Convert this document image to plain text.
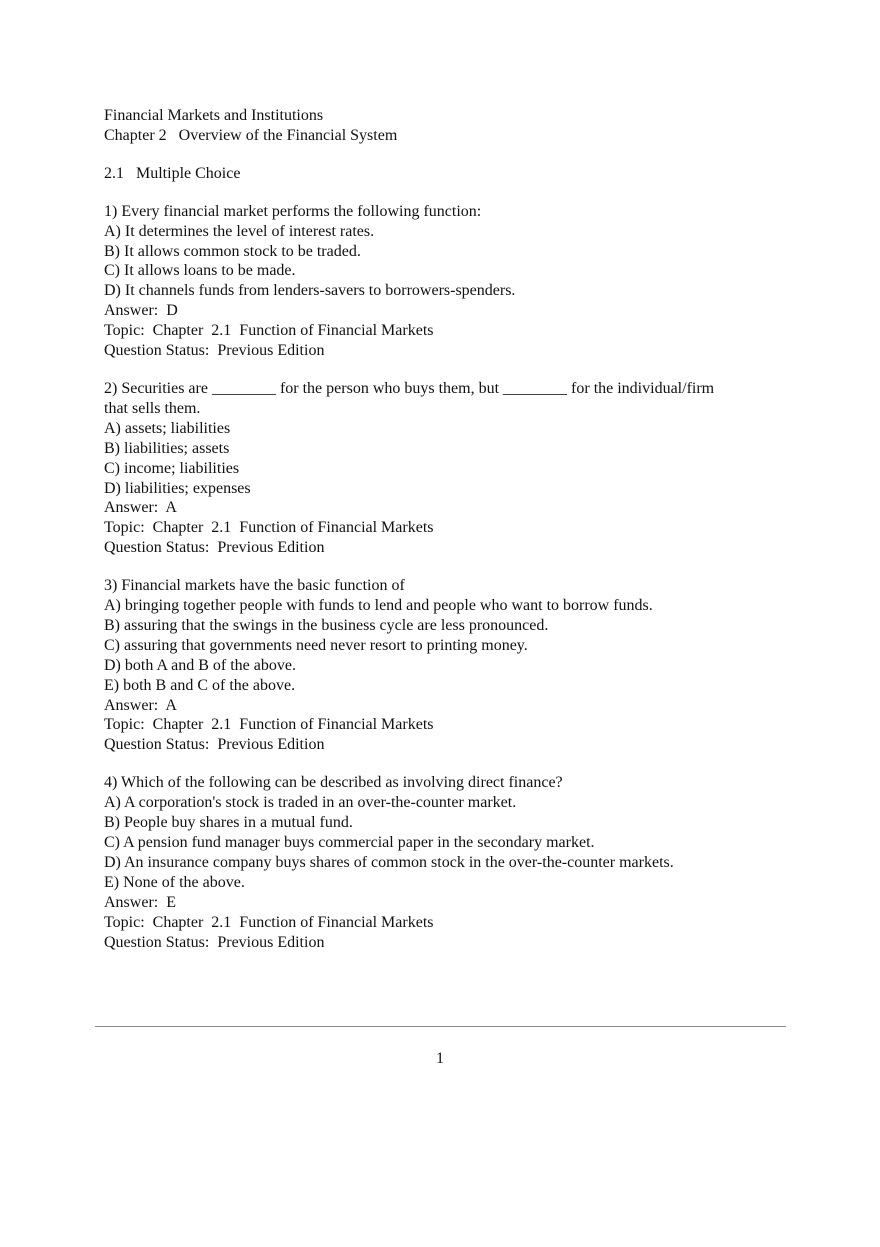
Financial Markets and Institutions
Chapter 2   Overview of the Financial System
2.1   Multiple Choice
1) Every financial market performs the following function:
A) It determines the level of interest rates.
B) It allows common stock to be traded.
C) It allows loans to be made.
D) It channels funds from lenders-savers to borrowers-spenders.
Answer:  D
Topic:  Chapter  2.1  Function of Financial Markets
Question Status:  Previous Edition
2) Securities are ________ for the person who buys them, but ________ for the individual/firm
that sells them.
A) assets; liabilities
B) liabilities; assets
C) income; liabilities
D) liabilities; expenses
Answer:  A
Topic:  Chapter  2.1  Function of Financial Markets
Question Status:  Previous Edition
3) Financial markets have the basic function of
A) bringing together people with funds to lend and people who want to borrow funds.
B) assuring that the swings in the business cycle are less pronounced.
C) assuring that governments need never resort to printing money.
D) both A and B of the above.
E) both B and C of the above.
Answer:  A
Topic:  Chapter  2.1  Function of Financial Markets
Question Status:  Previous Edition
4) Which of the following can be described as involving direct finance?
A) A corporation's stock is traded in an over-the-counter market.
B) People buy shares in a mutual fund.
C) A pension fund manager buys commercial paper in the secondary market.
D) An insurance company buys shares of common stock in the over-the-counter markets.
E) None of the above.
Answer:  E
Topic:  Chapter  2.1  Function of Financial Markets
Question Status:  Previous Edition
1
